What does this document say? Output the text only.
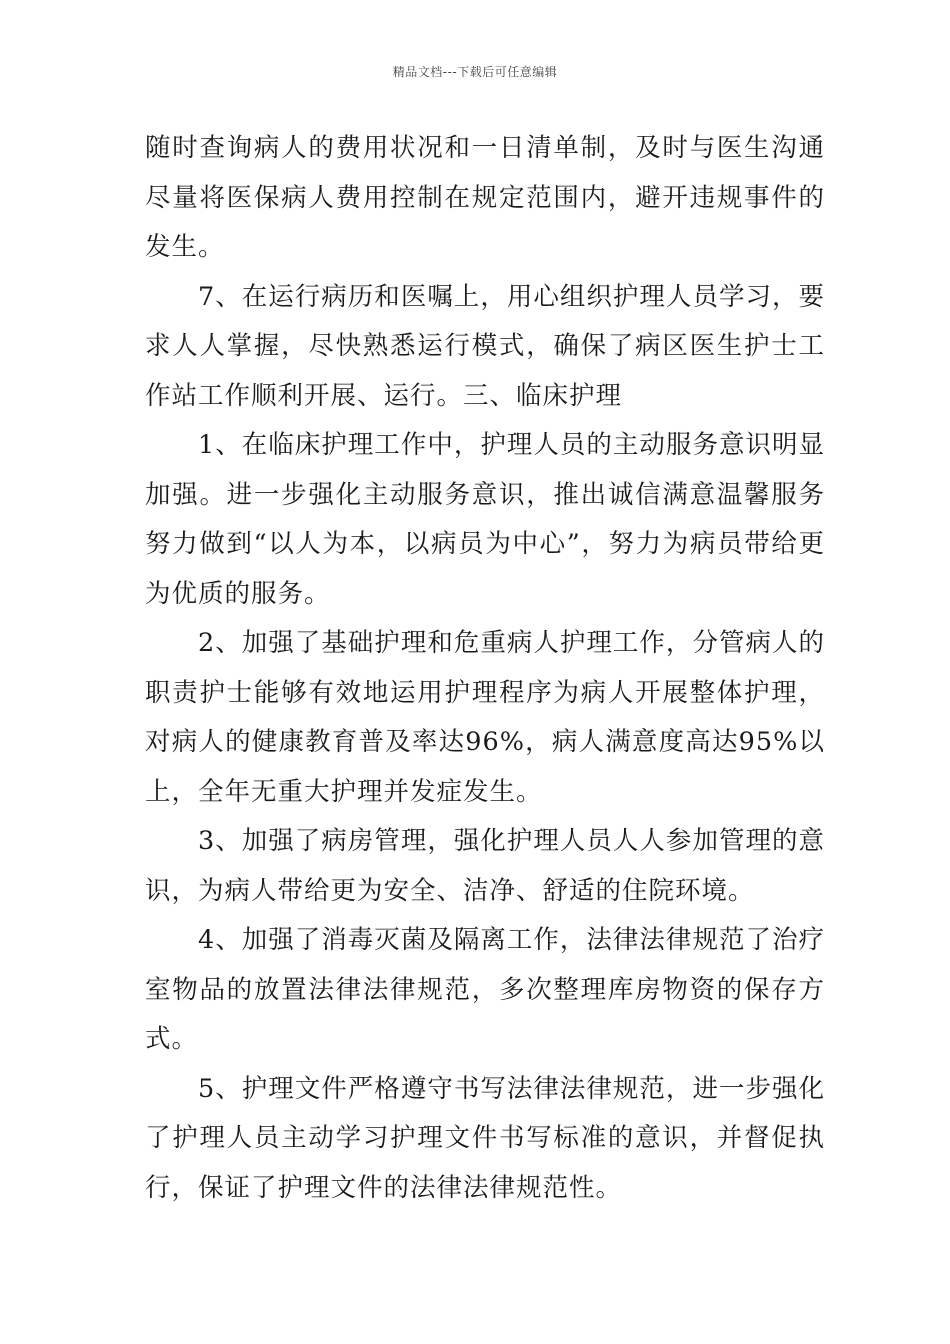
精品文档---下载后可任意编辑

随时查询病人的费用状况和一日清单制，及时与医生沟通尽量将医保病人费用控制在规定范围内，避开违规事件的发生。

7、在运行病历和医嘱上，用心组织护理人员学习，要求人人掌握，尽快熟悉运行模式，确保了病区医生护士工作站工作顺利开展、运行。三、临床护理

1、在临床护理工作中，护理人员的主动服务意识明显加强。进一步强化主动服务意识，推出诚信满意温馨服务努力做到“以人为本，以病员为中心”，努力为病员带给更为优质的服务。

2、加强了基础护理和危重病人护理工作，分管病人的职责护士能够有效地运用护理程序为病人开展整体护理，对病人的健康教育普及率达96%，病人满意度高达95%以上，全年无重大护理并发症发生。

3、加强了病房管理，强化护理人员人人参加管理的意识，为病人带给更为安全、洁净、舒适的住院环境。

4、加强了消毒灭菌及隔离工作，法律法律规范了治疗室物品的放置法律法律规范，多次整理库房物资的保存方式。

5、护理文件严格遵守书写法律法律规范，进一步强化了护理人员主动学习护理文件书写标准的意识，并督促执行，保证了护理文件的法律法律规范性。
